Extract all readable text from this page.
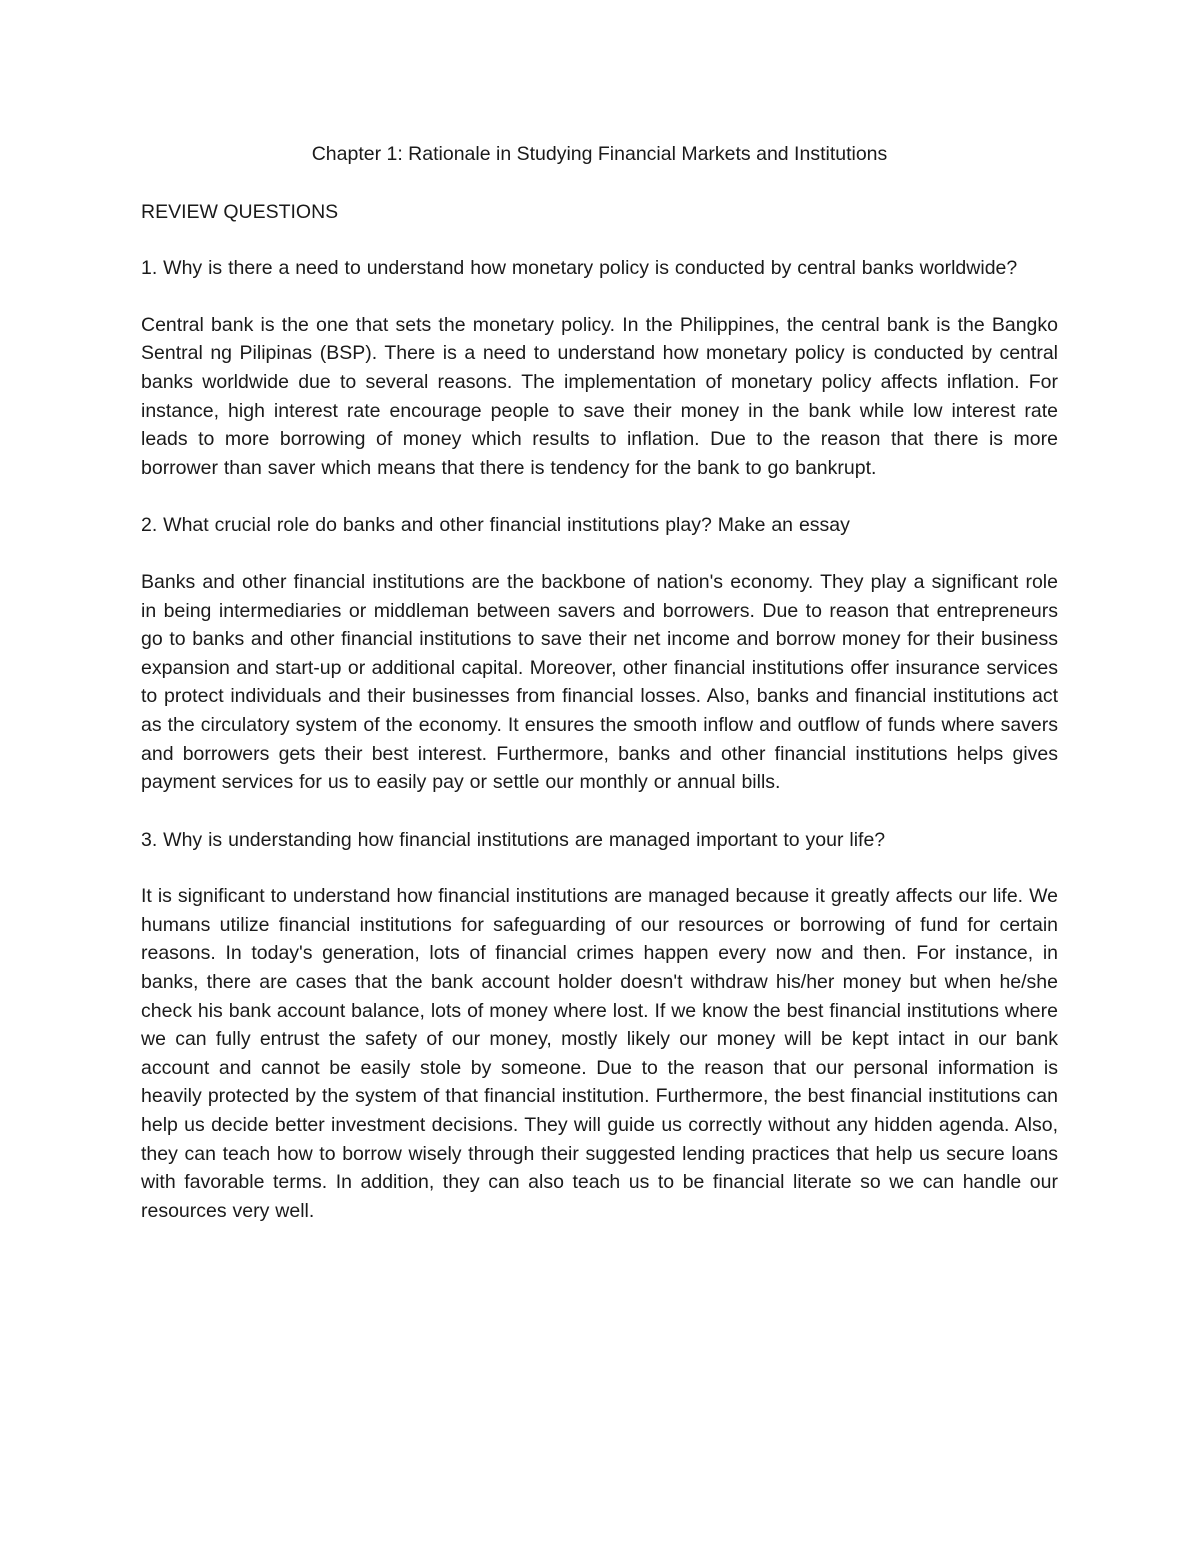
Chapter 1: Rationale in Studying Financial Markets and Institutions
REVIEW QUESTIONS
1. Why is there a need to understand how monetary policy is conducted by central banks worldwide?
Central bank is the one that sets the monetary policy. In the Philippines, the central bank is the Bangko Sentral ng Pilipinas (BSP). There is a need to understand how monetary policy is conducted by central banks worldwide due to several reasons. The implementation of monetary policy affects inflation. For instance, high interest rate encourage people to save their money in the bank while low interest rate leads to more borrowing of money which results to inflation. Due to the reason that there is more borrower than saver which means that there is tendency for the bank to go bankrupt.
2. What crucial role do banks and other financial institutions play? Make an essay
Banks and other financial institutions are the backbone of nation's economy. They play a significant role in being intermediaries or middleman between savers and borrowers. Due to reason that entrepreneurs go to banks and other financial institutions to save their net income and borrow money for their business expansion and start-up or additional capital. Moreover, other financial institutions offer insurance services to protect individuals and their businesses from financial losses. Also, banks and financial institutions act as the circulatory system of the economy. It ensures the smooth inflow and outflow of funds where savers and borrowers gets their best interest. Furthermore, banks and other financial institutions helps gives payment services for us to easily pay or settle our monthly or annual bills.
3. Why is understanding how financial institutions are managed important to your life?
It is significant to understand how financial institutions are managed because it greatly affects our life. We humans utilize financial institutions for safeguarding of our resources or borrowing of fund for certain reasons. In today's generation, lots of financial crimes happen every now and then. For instance, in banks, there are cases that the bank account holder doesn't withdraw his/her money but when he/she check his bank account balance, lots of money where lost. If we know the best financial institutions where we can fully entrust the safety of our money, mostly likely our money will be kept intact in our bank account and cannot be easily stole by someone. Due to the reason that our personal information is heavily protected by the system of that financial institution. Furthermore, the best financial institutions can help us decide better investment decisions. They will guide us correctly without any hidden agenda. Also, they can teach how to borrow wisely through their suggested lending practices that help us secure loans with favorable terms. In addition, they can also teach us to be financial literate so we can handle our resources very well.
